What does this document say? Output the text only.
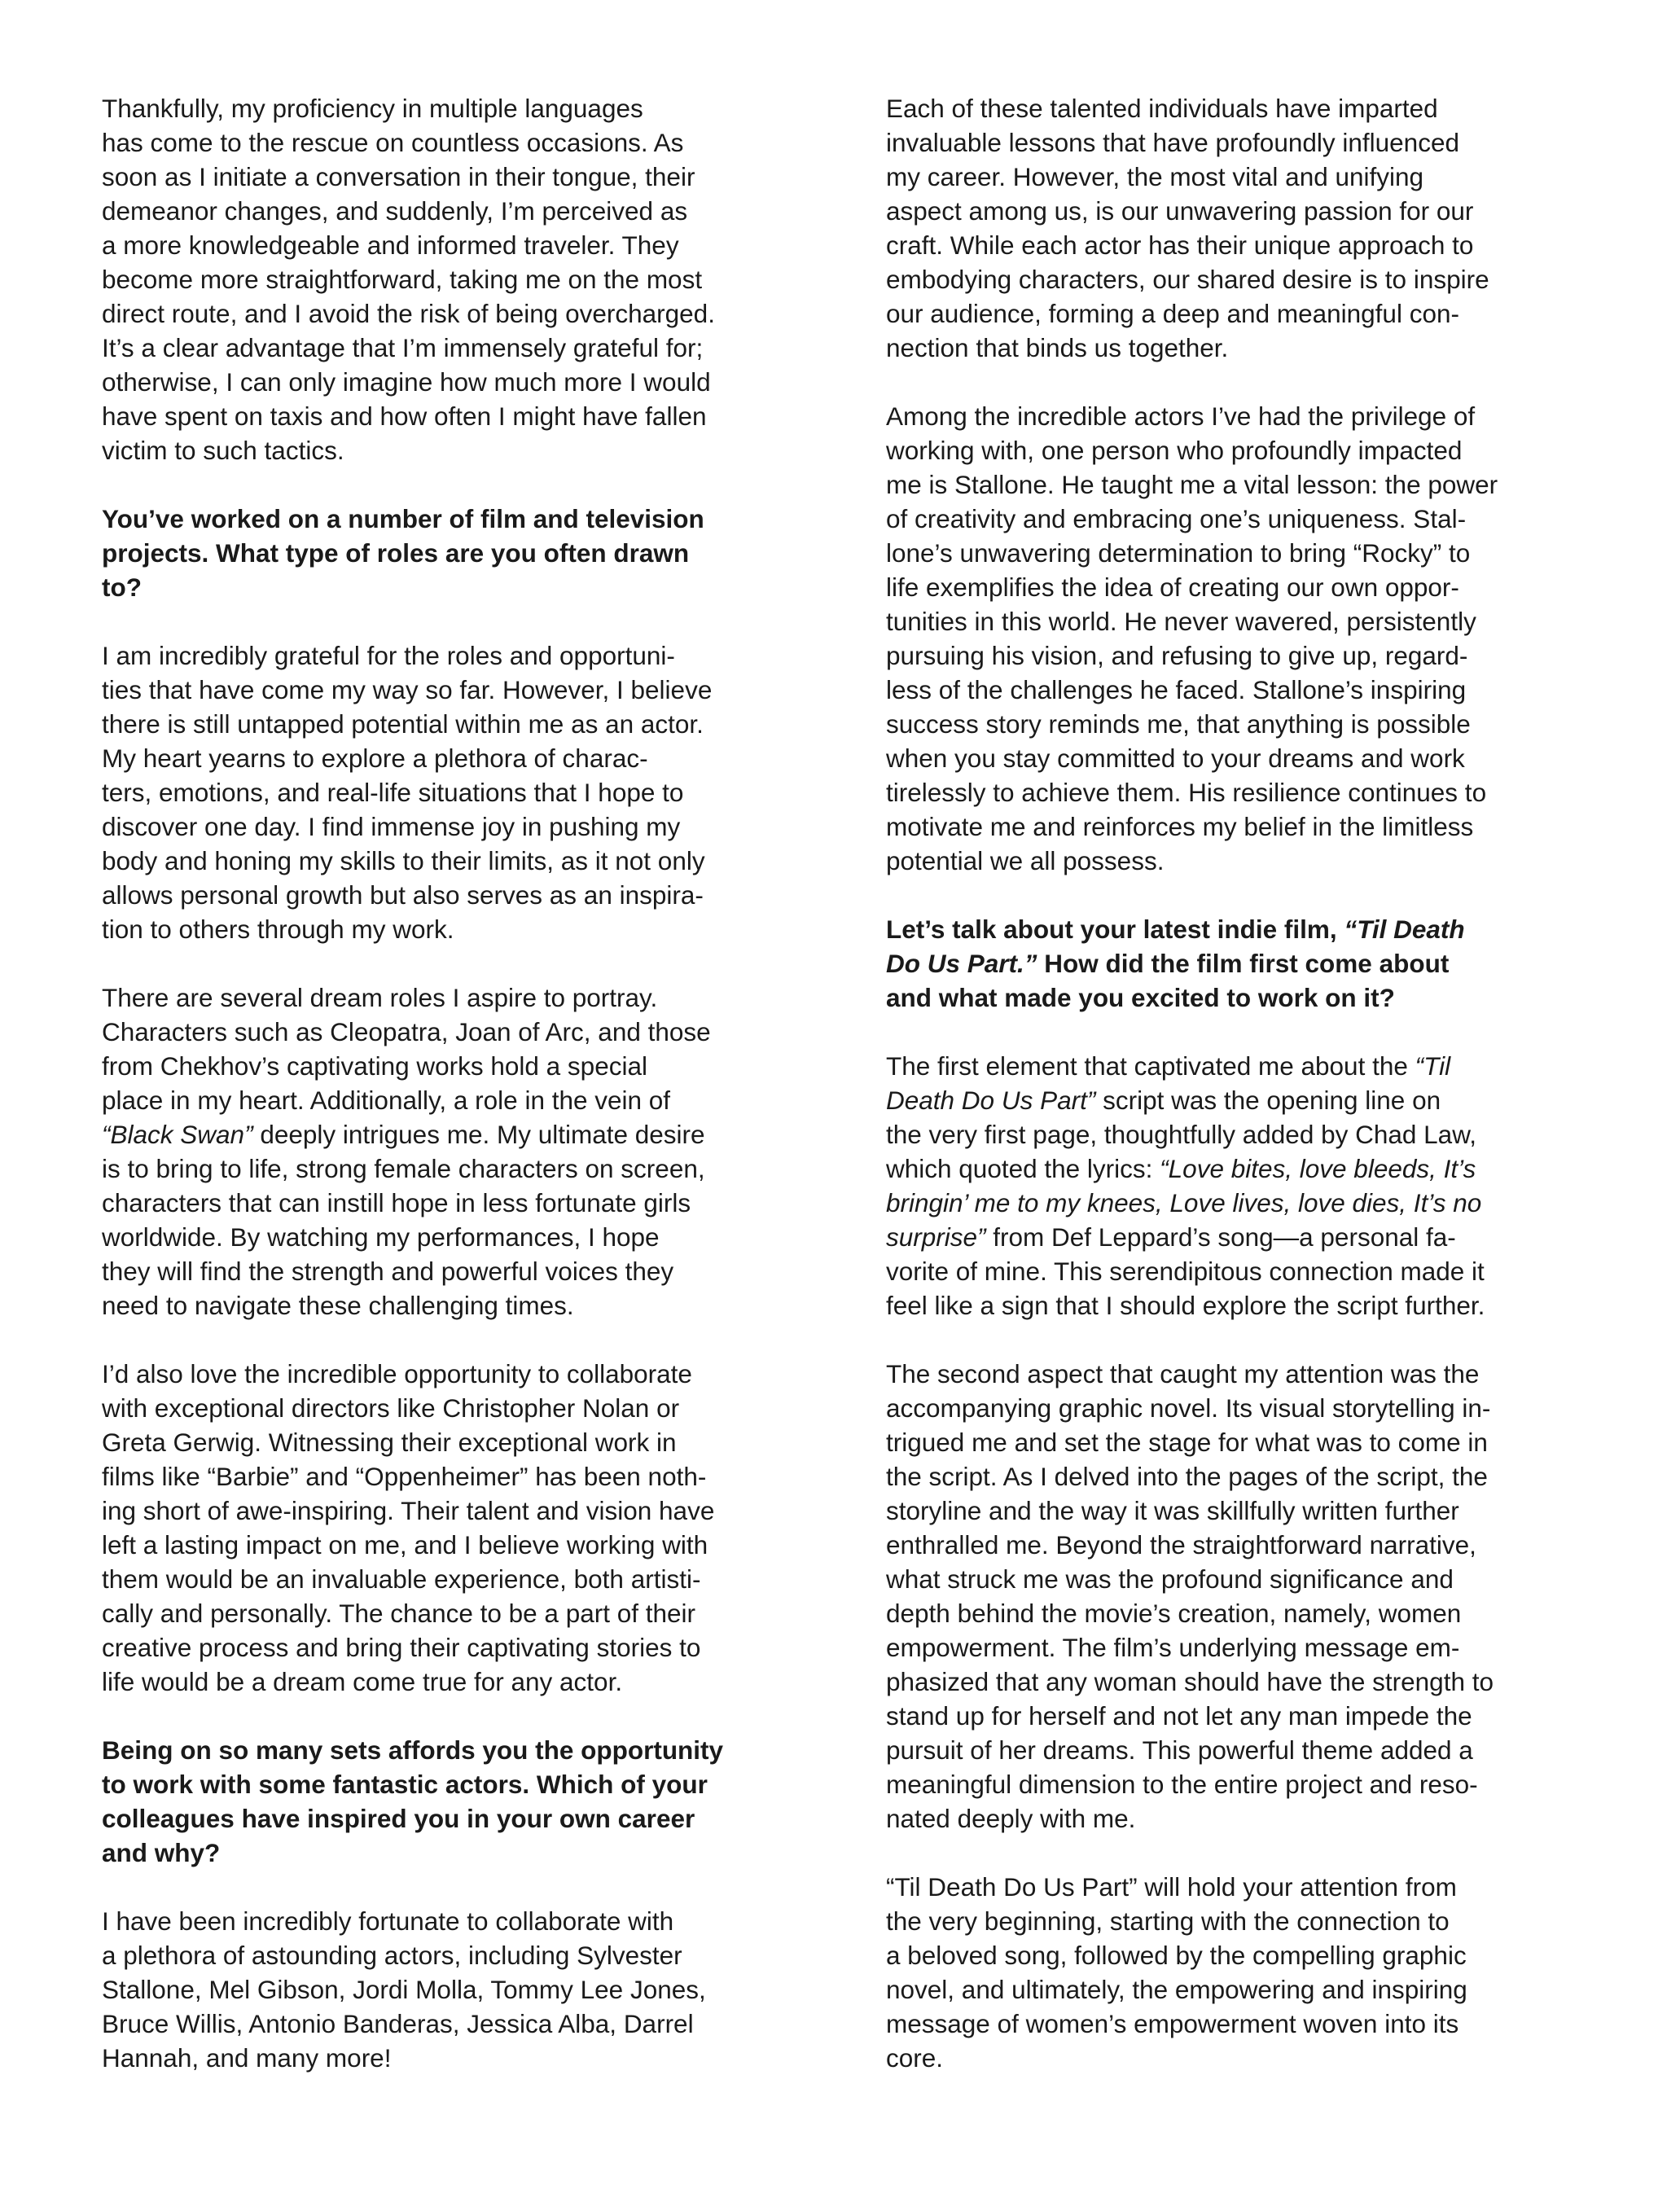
Thankfully, my proficiency in multiple languages
has come to the rescue on countless occasions. As
soon as I initiate a conversation in their tongue, their
demeanor changes, and suddenly, I’m perceived as
a more knowledgeable and informed traveler. They
become more straightforward, taking me on the most
direct route, and I avoid the risk of being overcharged.
It’s a clear advantage that I’m immensely grateful for;
otherwise, I can only imagine how much more I would
have spent on taxis and how often I might have fallen
victim to such tactics.

You’ve worked on a number of film and television
projects. What type of roles are you often drawn
to?

I am incredibly grateful for the roles and opportuni-
ties that have come my way so far. However, I believe
there is still untapped potential within me as an actor.
My heart yearns to explore a plethora of charac-
ters, emotions, and real-life situations that I hope to
discover one day. I find immense joy in pushing my
body and honing my skills to their limits, as it not only
allows personal growth but also serves as an inspira-
tion to others through my work.

There are several dream roles I aspire to portray.
Characters such as Cleopatra, Joan of Arc, and those
from Chekhov’s captivating works hold a special
place in my heart. Additionally, a role in the vein of
“Black Swan” deeply intrigues me. My ultimate desire
is to bring to life, strong female characters on screen,
characters that can instill hope in less fortunate girls
worldwide. By watching my performances, I hope
they will find the strength and powerful voices they
need to navigate these challenging times.

I’d also love the incredible opportunity to collaborate
with exceptional directors like Christopher Nolan or
Greta Gerwig. Witnessing their exceptional work in
films like “Barbie” and “Oppenheimer” has been noth-
ing short of awe-inspiring. Their talent and vision have
left a lasting impact on me, and I believe working with
them would be an invaluable experience, both artisti-
cally and personally. The chance to be a part of their
creative process and bring their captivating stories to
life would be a dream come true for any actor.

Being on so many sets affords you the opportunity
to work with some fantastic actors. Which of your
colleagues have inspired you in your own career
and why?

I have been incredibly fortunate to collaborate with
a plethora of astounding actors, including Sylvester
Stallone, Mel Gibson, Jordi Molla, Tommy Lee Jones,
Bruce Willis, Antonio Banderas, Jessica Alba, Darrel
Hannah, and many more!

Each of these talented individuals have imparted
invaluable lessons that have profoundly influenced
my career. However, the most vital and unifying
aspect among us, is our unwavering passion for our
craft. While each actor has their unique approach to
embodying characters, our shared desire is to inspire
our audience, forming a deep and meaningful con-
nection that binds us together.

Among the incredible actors I’ve had the privilege of
working with, one person who profoundly impacted
me is Stallone. He taught me a vital lesson: the power
of creativity and embracing one’s uniqueness. Stal-
lone’s unwavering determination to bring “Rocky” to
life exemplifies the idea of creating our own oppor-
tunities in this world. He never wavered, persistently
pursuing his vision, and refusing to give up, regard-
less of the challenges he faced. Stallone’s inspiring
success story reminds me, that anything is possible
when you stay committed to your dreams and work
tirelessly to achieve them. His resilience continues to
motivate me and reinforces my belief in the limitless
potential we all possess.

Let’s talk about your latest indie film, “Til Death
Do Us Part.” How did the film first come about
and what made you excited to work on it?

The first element that captivated me about the “Til
Death Do Us Part” script was the opening line on
the very first page, thoughtfully added by Chad Law,
which quoted the lyrics: “Love bites, love bleeds, It’s
bringin’ me to my knees, Love lives, love dies, It’s no
surprise” from Def Leppard’s song—a personal fa-
vorite of mine. This serendipitous connection made it
feel like a sign that I should explore the script further.

The second aspect that caught my attention was the
accompanying graphic novel. Its visual storytelling in-
trigued me and set the stage for what was to come in
the script. As I delved into the pages of the script, the
storyline and the way it was skillfully written further
enthralled me. Beyond the straightforward narrative,
what struck me was the profound significance and
depth behind the movie’s creation, namely, women
empowerment. The film’s underlying message em-
phasized that any woman should have the strength to
stand up for herself and not let any man impede the
pursuit of her dreams. This powerful theme added a
meaningful dimension to the entire project and reso-
nated deeply with me.

“Til Death Do Us Part” will hold your attention from
the very beginning, starting with the connection to
a beloved song, followed by the compelling graphic
novel, and ultimately, the empowering and inspiring
message of women’s empowerment woven into its
core.
